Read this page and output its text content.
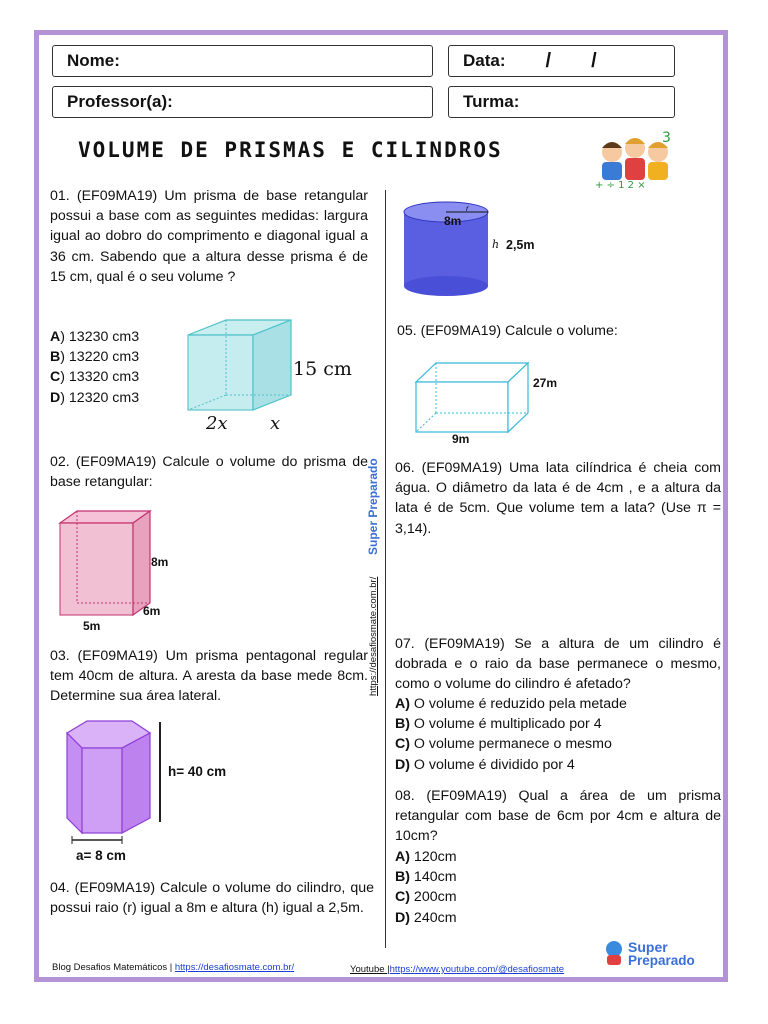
Nome:	Data: / /
Professor(a):	Turma:
VOLUME DE PRISMAS E CILINDROS
+ ÷ 1 2 ×
3
01. (EF09MA19) Um prisma de base retangular possui a base com as seguintes medidas: largura igual ao dobro do comprimento e diagonal igual a 36 cm. Sabendo que a altura desse prisma é de 15 cm, qual é o seu volume ?
A) 13230 cm3
B) 13220 cm3
C) 13320 cm3
D) 12320 cm3
15 cm
2x x
02. (EF09MA19) Calcule o volume do prisma de base retangular:
8m
6m
5m
03. (EF09MA19) Um prisma pentagonal regular tem 40cm de altura. A aresta da base mede 8cm. Determine sua área lateral.
h= 40 cm
a= 8 cm
04. (EF09MA19) Calcule o volume do cilindro, que possui raio (r) igual a 8m e altura (h) igual a 2,5m.
r
8m
h 2,5m
05. (EF09MA19) Calcule o volume:
27m
9m
06. (EF09MA19) Uma lata cilíndrica é cheia com água. O diâmetro da lata é de 4cm , e a altura da lata é de 5cm. Que volume tem a lata? (Use π = 3,14).
07. (EF09MA19) Se a altura de um cilindro é dobrada e o raio da base permanece o mesmo, como o volume do cilindro é afetado?
A) O volume é reduzido pela metade
B) O volume é multiplicado por 4
C) O volume permanece o mesmo
D) O volume é dividido por 4
08. (EF09MA19) Qual a área de um prisma retangular com base de 6cm por 4cm e altura de 10cm?
A) 120cm
B) 140cm
C) 200cm
D) 240cm
Super Preparado
https://desafiosmate.com.br/
Blog Desafios Matemáticos | https://desafiosmate.com.br/	Youtube |https://www.youtube.com/@desafiosmate
Super
Preparado
